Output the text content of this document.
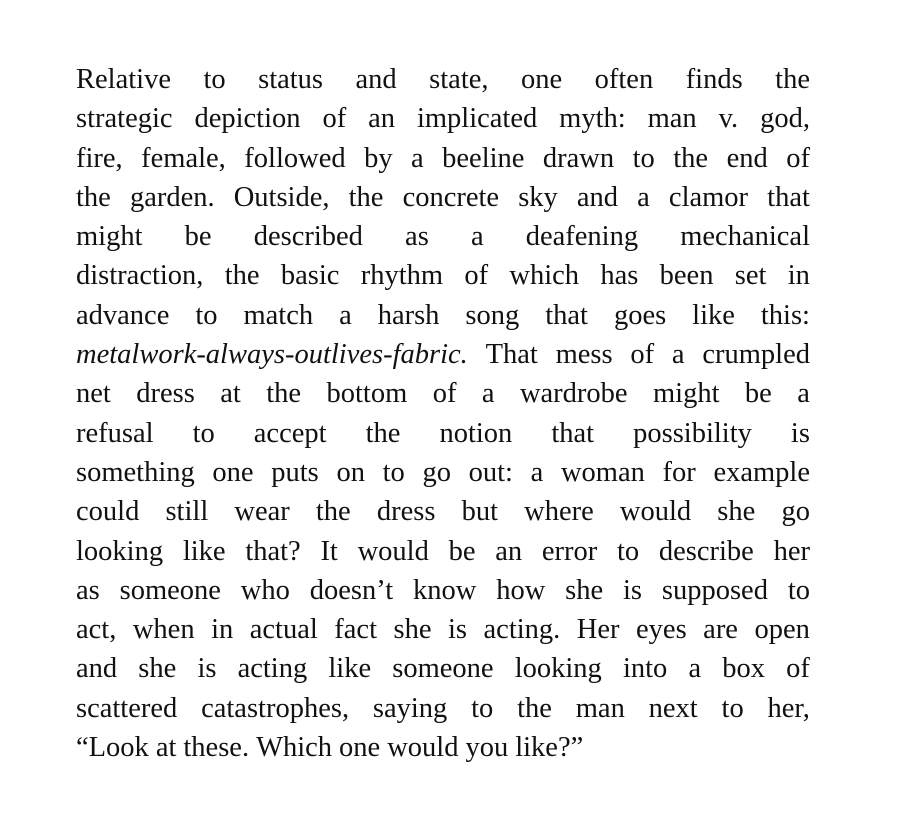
Relative to status and state, one often finds the
strategic depiction of an implicated myth: man v. god,
fire, female, followed by a beeline drawn to the end of
the garden. Outside, the concrete sky and a clamor that
might be described as a deafening mechanical
distraction, the basic rhythm of which has been set in
advance to match a harsh song that goes like this:
metalwork-always-outlives-fabric. That mess of a crumpled
net dress at the bottom of a wardrobe might be a
refusal to accept the notion that possibility is
something one puts on to go out: a woman for example
could still wear the dress but where would she go
looking like that? It would be an error to describe her
as someone who doesn’t know how she is supposed to
act, when in actual fact she is acting. Her eyes are open
and she is acting like someone looking into a box of
scattered catastrophes, saying to the man next to her,
“Look at these. Which one would you like?”
